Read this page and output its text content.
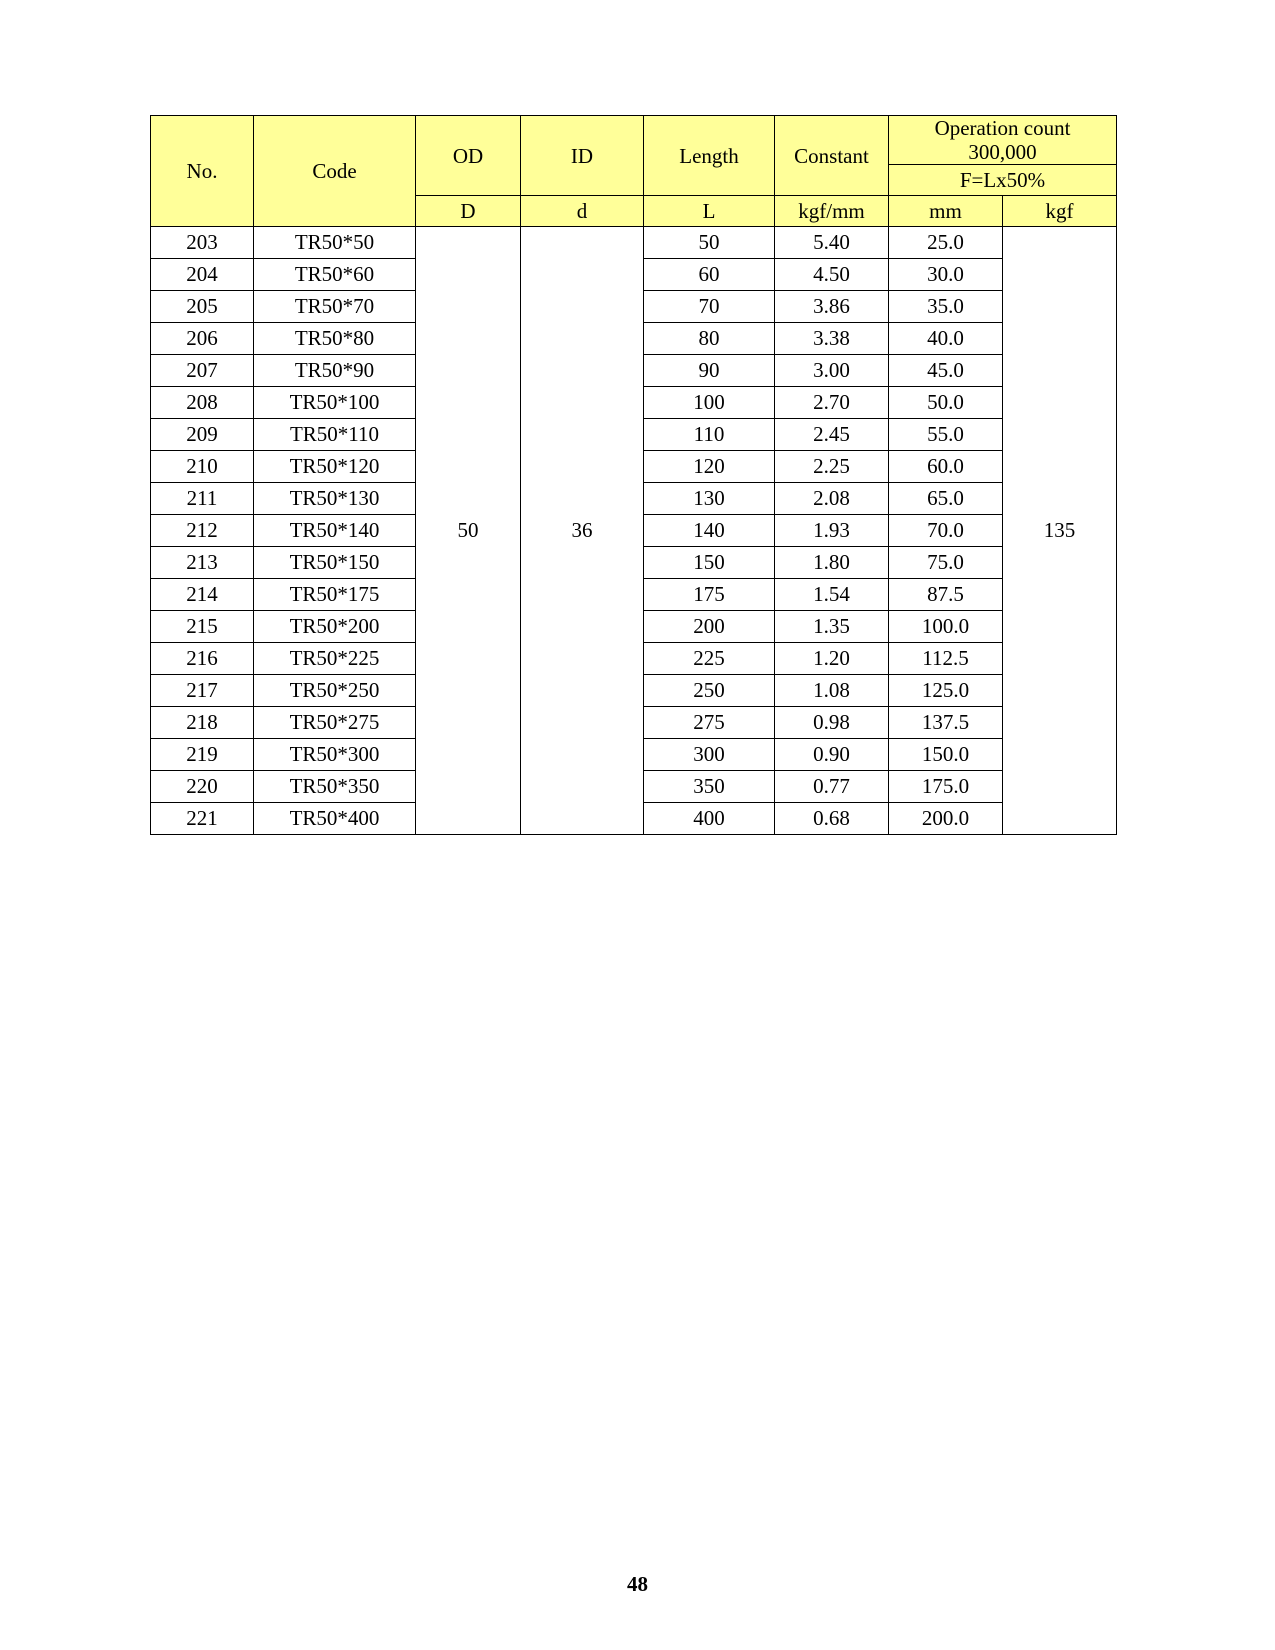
No.	Code	OD	ID	Length	Constant	Operation count
300,000	

						F=Lx50%	
		D	d	L	kgf/mm	mm	kgf
203	TR50*50	50	36	50	5.40	25.0	135
204	TR50*60			60	4.50	30.0	
205	TR50*70			70	3.86	35.0	
206	TR50*80			80	3.38	40.0	
207	TR50*90			90	3.00	45.0	
208	TR50*100			100	2.70	50.0	
209	TR50*110			110	2.45	55.0	
210	TR50*120			120	2.25	60.0	
211	TR50*130			130	2.08	65.0	
212	TR50*140			140	1.93	70.0	
213	TR50*150			150	1.80	75.0	
214	TR50*175			175	1.54	87.5	
215	TR50*200			200	1.35	100.0	
216	TR50*225			225	1.20	112.5	
217	TR50*250			250	1.08	125.0	
218	TR50*275			275	0.98	137.5	
219	TR50*300			300	0.90	150.0	
220	TR50*350			350	0.77	175.0	
221	TR50*400			400	0.68	200.0	
48
